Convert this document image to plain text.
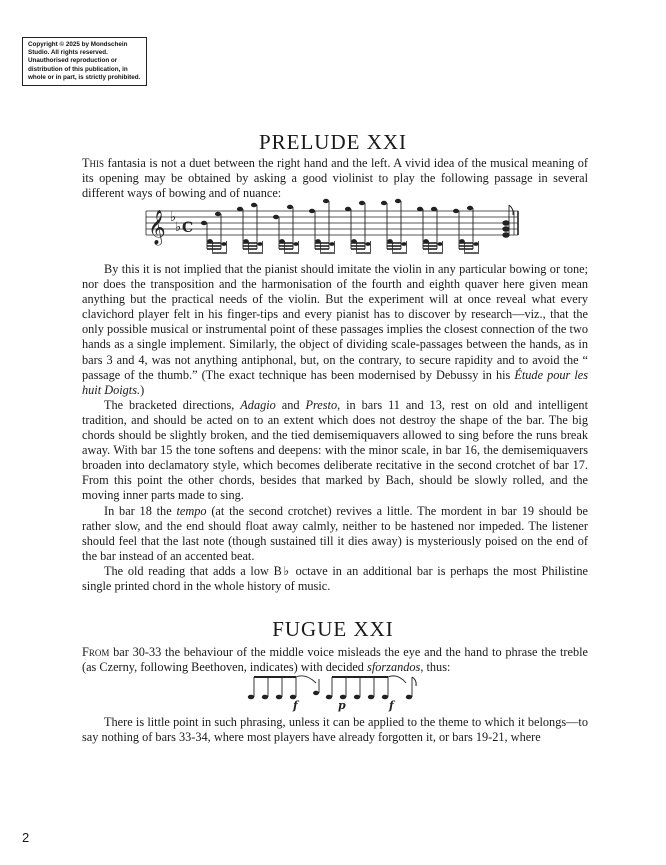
Copyright © 2025 by Mondschein Studio. All rights reserved. Unauthorised reproduction or distribution of this publication, in whole or in part, is strictly prohibited.
PRELUDE XXI

This fantasia is not a duet between the right hand and the left. A vivid idea of the musical meaning of its opening may be obtained by asking a good violinist to play the following passage in several different ways of bowing and of nuance:

𝄞 ♭
♭ C

By this it is not implied that the pianist should imitate the violin in any particular bowing or tone; nor does the transposition and the harmonisation of the fourth and eighth quaver here given mean anything but the practical needs of the violin. But the experiment will at once reveal what every clavichord player felt in his finger-tips and every pianist has to discover by research—viz., that the only possible musical or instrumental point of these passages implies the closest connection of the two hands as a single implement. Similarly, the object of dividing scale-passages between the hands, as in bars 3 and 4, was not anything antiphonal, but, on the contrary, to secure rapidity and to avoid the “ passage of the thumb.” (The exact technique has been modernised by Debussy in his Étude pour les huit Doigts.)

The bracketed directions, Adagio and Presto, in bars 11 and 13, rest on old and intelligent tradition, and should be acted on to an extent which does not destroy the shape of the bar. The big chords should be slightly broken, and the tied demisemiquavers allowed to sing before the runs break away. With bar 15 the tone softens and deepens: with the minor scale, in bar 16, the demisemiquavers broaden into declamatory style, which becomes deliberate recitative in the second crotchet of bar 17. From this point the other chords, besides that marked by Bach, should be slowly rolled, and the moving inner parts made to sing.

In bar 18 the tempo (at the second crotchet) revives a little. The mordent in bar 19 should be rather slow, and the end should float away calmly, neither to be hastened nor impeded. The listener should feel that the last note (though sustained till it dies away) is mysteriously poised on the end of the bar instead of an accented beat.

The old reading that adds a low B♭ octave in an additional bar is perhaps the most Philistine single printed chord in the whole history of music.

FUGUE XXI

From bar 30-33 the behaviour of the middle voice misleads the eye and the hand to phrase the treble (as Czerny, following Beethoven, indicates) with decided sforzandos, thus:

f	p	f

There is little point in such phrasing, unless it can be applied to the theme to which it belongs—to say nothing of bars 33-34, where most players have already forgotten it, or bars 19-21, where

2
